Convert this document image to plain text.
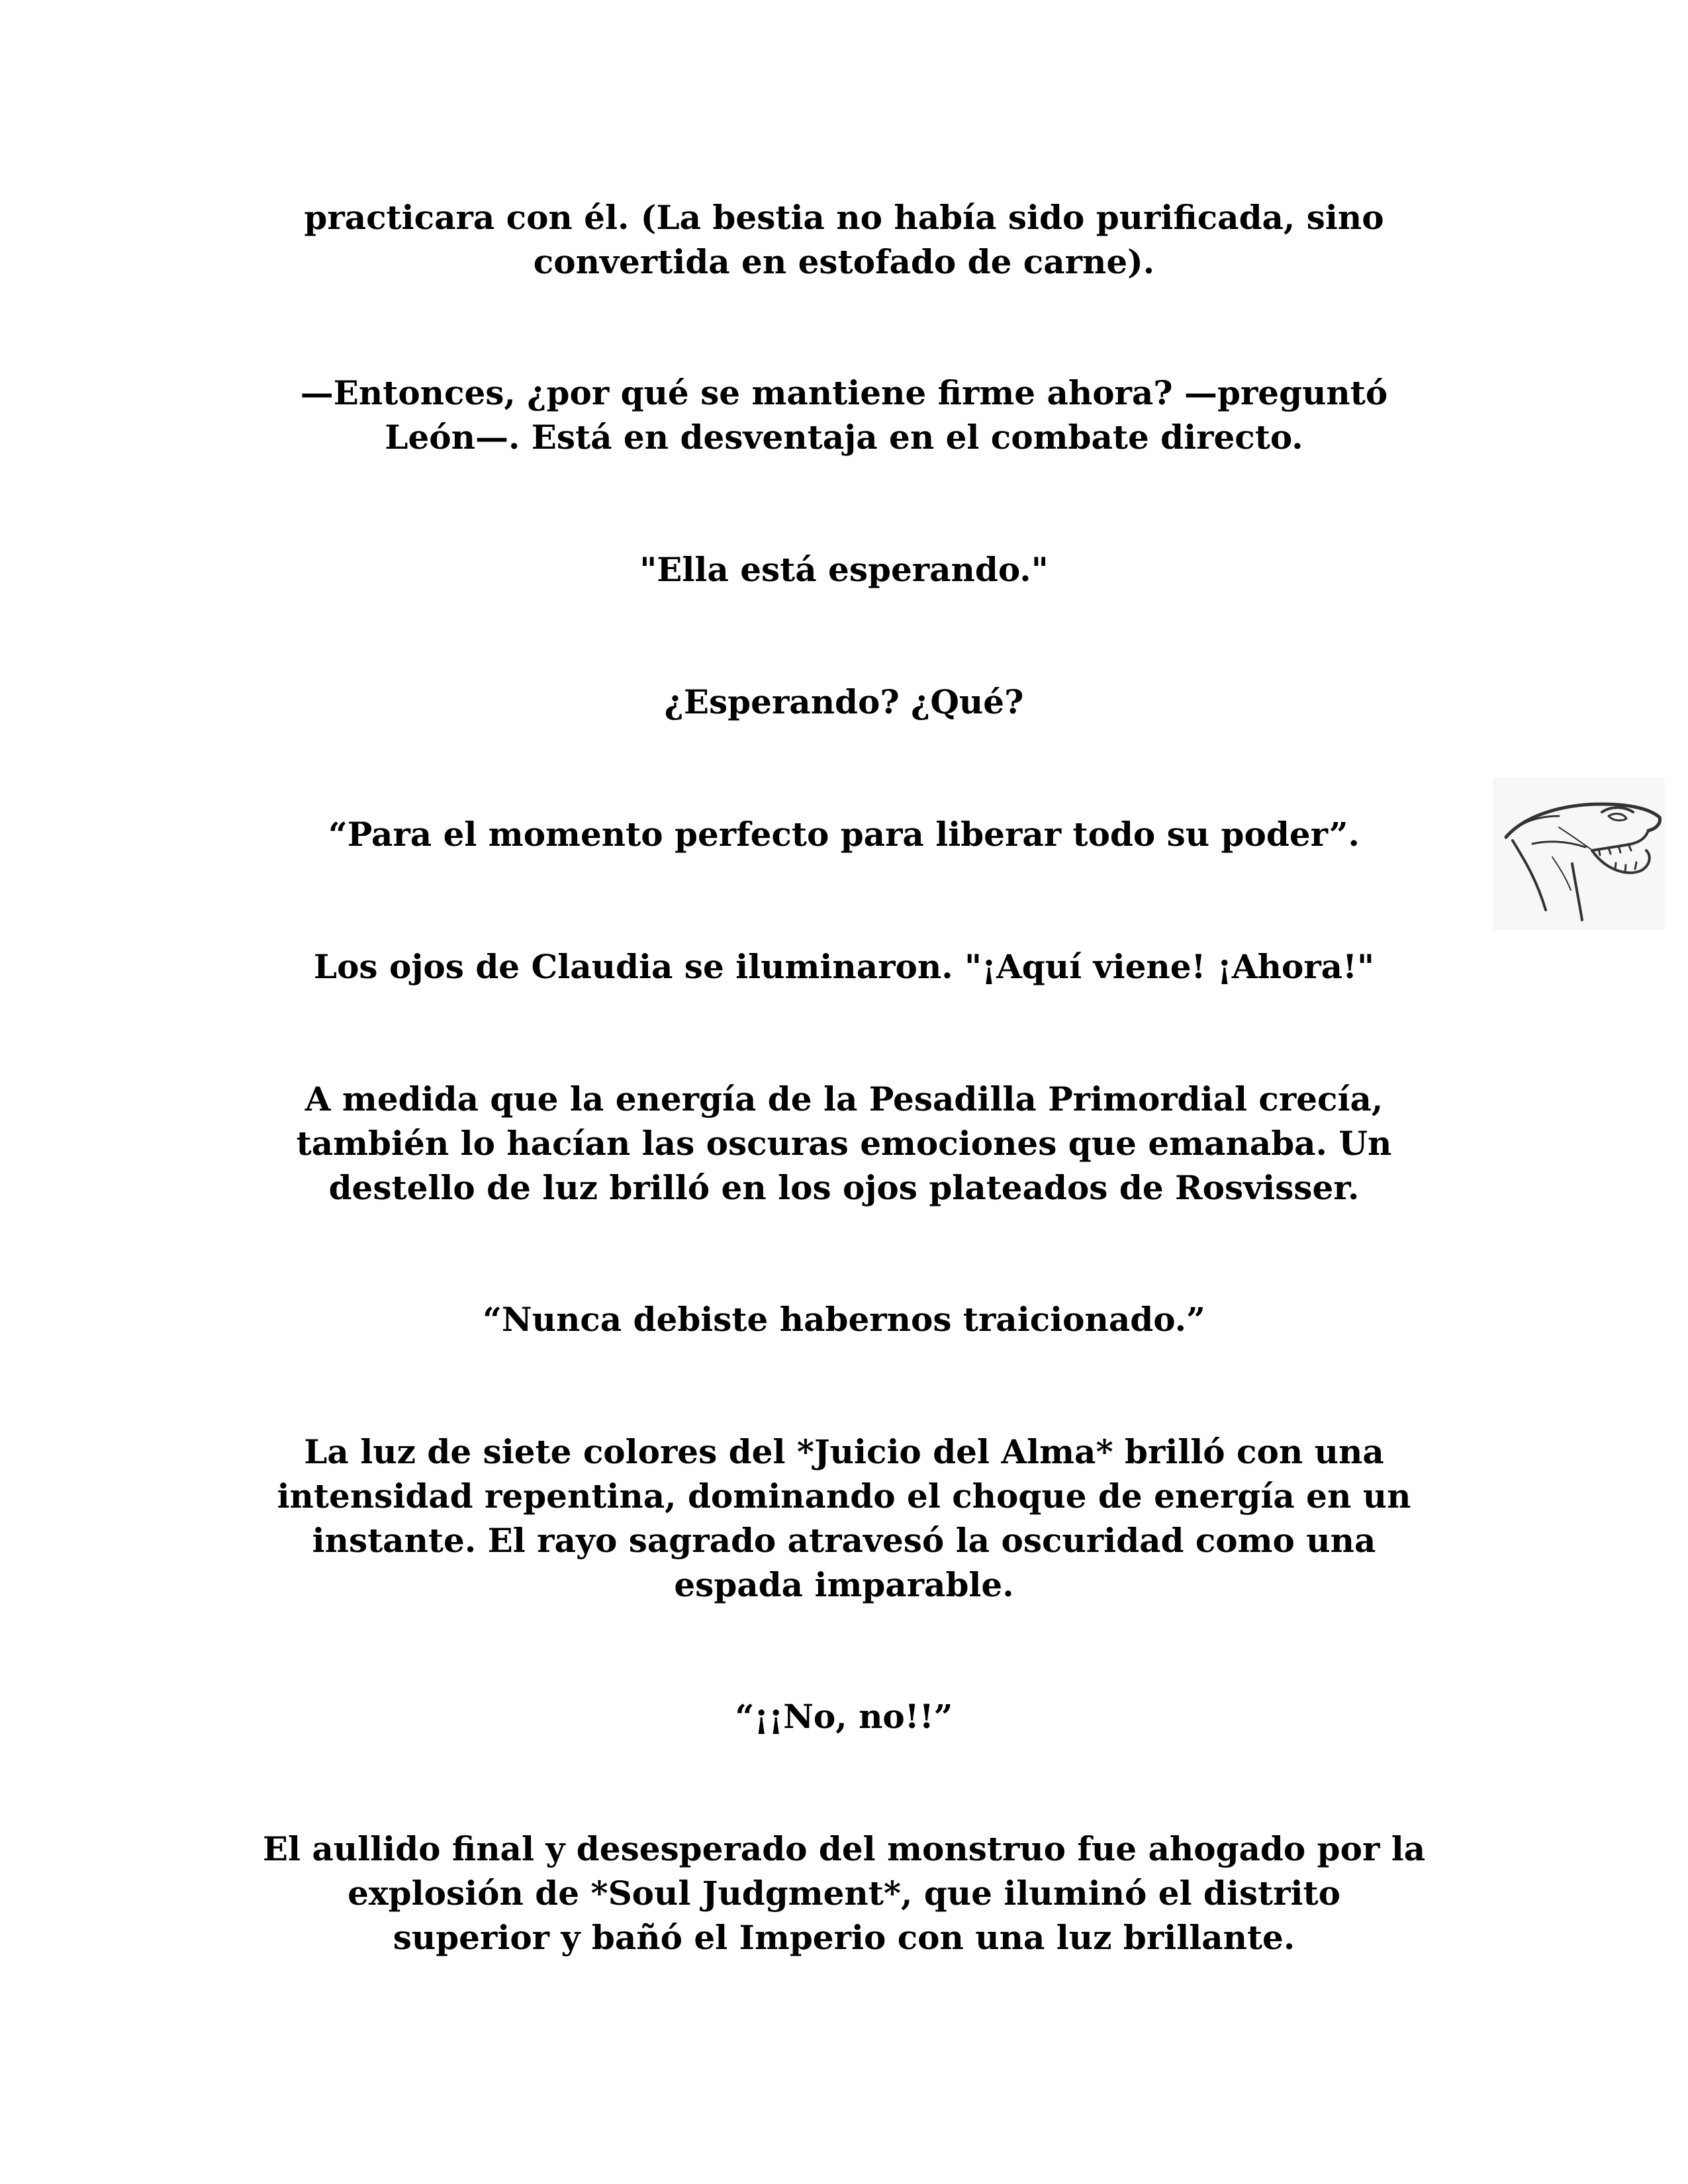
practicara con él. (La bestia no había sido purificada, sino
convertida en estofado de carne).

—Entonces, ¿por qué se mantiene firme ahora? —preguntó
León—. Está en desventaja en el combate directo.

"Ella está esperando."

¿Esperando? ¿Qué?

“Para el momento perfecto para liberar todo su poder”.

Los ojos de Claudia se iluminaron. "¡Aquí viene! ¡Ahora!"

A medida que la energía de la Pesadilla Primordial crecía,
también lo hacían las oscuras emociones que emanaba. Un
destello de luz brilló en los ojos plateados de Rosvisser.

“Nunca debiste habernos traicionado.”

La luz de siete colores del *Juicio del Alma* brilló con una
intensidad repentina, dominando el choque de energía en un
instante. El rayo sagrado atravesó la oscuridad como una
espada imparable.

“¡¡No, no!!”

El aullido final y desesperado del monstruo fue ahogado por la
explosión de *Soul Judgment*, que iluminó el distrito
superior y bañó el Imperio con una luz brillante.
